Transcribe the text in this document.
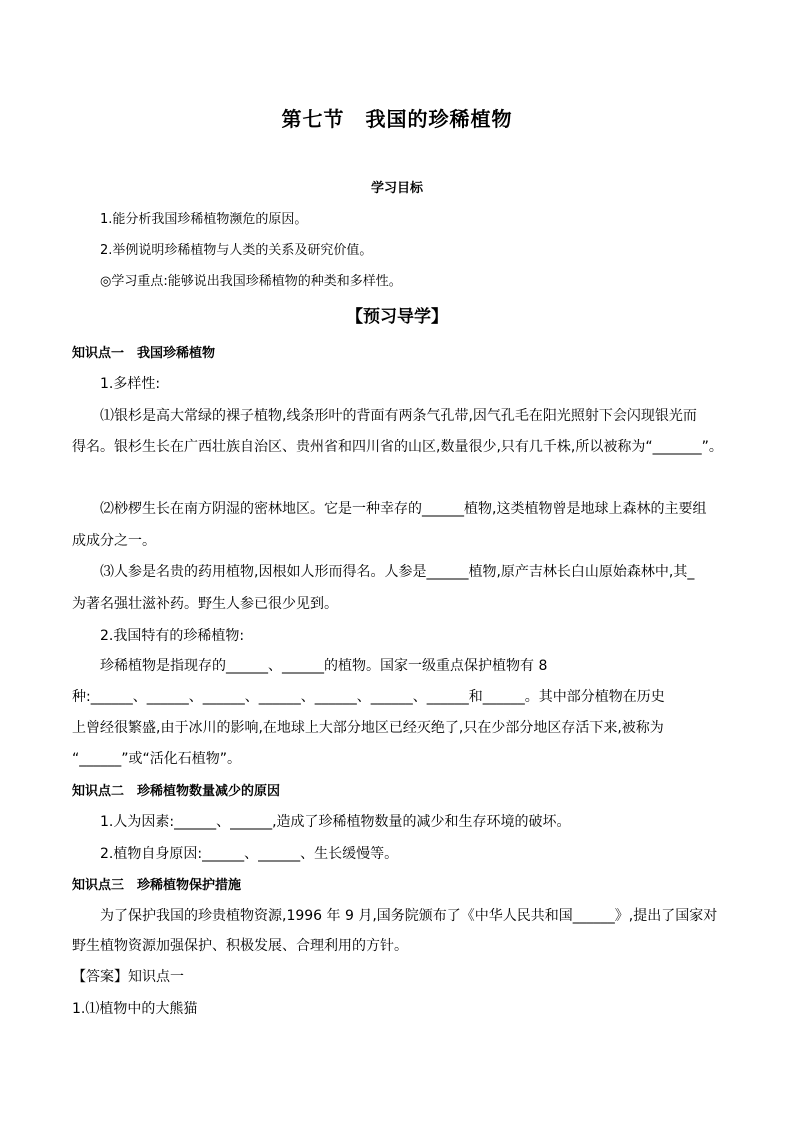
第七节　我国的珍稀植物
学习目标
1.能分析我国珍稀植物濒危的原因。
2.举例说明珍稀植物与人类的关系及研究价值。
◎学习重点:能够说出我国珍稀植物的种类和多样性。
【预习导学】
知识点一　我国珍稀植物
1.多样性:
⑴银杉是高大常绿的裸子植物,线条形叶的背面有两条气孔带,因气孔毛在阳光照射下会闪现银光而
得名。银杉生长在广西壮族自治区、贵州省和四川省的山区,数量很少,只有几千株,所以被称为“_______”。
⑵桫椤生长在南方阴湿的密林地区。它是一种幸存的______植物,这类植物曾是地球上森林的主要组
成成分之一。
⑶人参是名贵的药用植物,因根如人形而得名。人参是______植物,原产吉林长白山原始森林中,其_
为著名强壮滋补药。野生人参已很少见到。
2.我国特有的珍稀植物:
珍稀植物是指现存的______、______的植物。国家一级重点保护植物有 8
种:______、______、______、______、______、______、______和______。其中部分植物在历史
上曾经很繁盛,由于冰川的影响,在地球上大部分地区已经灭绝了,只在少部分地区存活下来,被称为
“______”或“活化石植物”。
知识点二　珍稀植物数量减少的原因
1.人为因素:______、______,造成了珍稀植物数量的减少和生存环境的破坏。
2.植物自身原因:______、______、生长缓慢等。
知识点三　珍稀植物保护措施
为了保护我国的珍贵植物资源,1996 年 9 月,国务院颁布了《中华人民共和国______》,提出了国家对
野生植物资源加强保护、积极发展、合理利用的方针。
【答案】知识点一
1.⑴植物中的大熊猫
